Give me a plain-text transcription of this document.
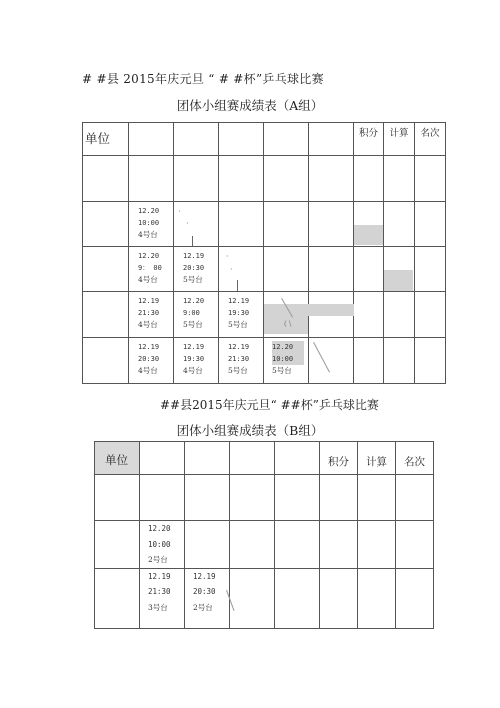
# #县 2015年庆元旦 “ # #杯”乒乓球比赛
团体小组赛成绩表（A组）
单位						积分	计算	名次

	12.20
10:00
4号台							

	12.20
9： 00
4号台	12.19
20:30
5号台						

	12.19
21:30
4号台	12.20
9:00
5号台	12.19
19:30
5号台					

	12.19
20:30
4号台	12.19
19:30
4号台	12.19
21:30
5号台	12.20
10:00
5号台				

·
·
·
·
( \
##县2015年庆元旦“ ##杯”乒乓球比赛
团体小组赛成绩表（B组）
单位					积分	计算	名次

	12.20
10:00
2号台						

	12.19
21:30
3号台	12.19
20:30
2号台					
